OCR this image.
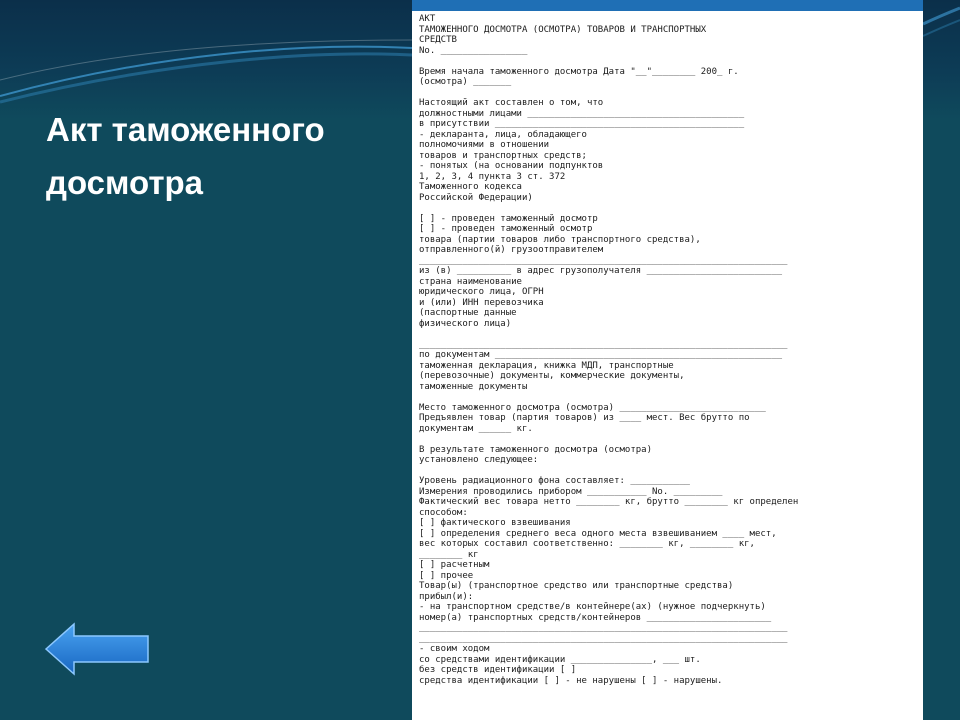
Акт таможенного досмотра
АКТ
ТАМОЖЕННОГО ДОСМОТРА (ОСМОТРА) ТОВАРОВ И ТРАНСПОРТНЫХ
СРЕДСТВ
No. ________________
Время начала таможенного досмотра Дата "__"________ 200_ г.
(осмотра) _______
Настоящий акт составлен о том, что
должностными лицами ________________________________________
в присутствии ______________________________________________
- декларанта, лица, обладающего
полномочиями в отношении
товаров и транспортных средств;
- понятых (на основании подпунктов
1, 2, 3, 4 пункта 3 ст. 372
Таможенного кодекса
Российской Федерации)
[ ] - проведен таможенный досмотр
[ ] - проведен таможенный осмотр
товара (партии товаров либо транспортного средства),
отправленного(й) грузоотправителем
____________________________________________________________________
из (в) __________ в адрес грузополучателя _________________________
страна наименование
юридического лица, ОГРН
и (или) ИНН перевозчика
(паспортные данные
физического лица)
____________________________________________________________________
по документам _____________________________________________________
таможенная декларация, книжка МДП, транспортные
(перевозочные) документы, коммерческие документы,
таможенные документы
Место таможенного досмотра (осмотра) ___________________________
Предъявлен товар (партия товаров) из ____ мест. Вес брутто по
документам ______ кг.
В результате таможенного досмотра (осмотра)
установлено следующее:
Уровень радиационного фона составляет: ___________
Измерения проводились прибором ___________ No. _________
Фактический вес товара нетто ________ кг, брутто ________ кг определен
способом:
[ ] фактического взвешивания
[ ] определения среднего веса одного места взвешиванием ____ мест,
вес которых составил соответственно: ________ кг, ________ кг,
________ кг
[ ] расчетным
[ ] прочее
Товар(ы) (транспортное средство или транспортные средства)
прибыл(и):
- на транспортном средстве/в контейнере(ах) (нужное подчеркнуть)
номер(а) транспортных средств/контейнеров _______________________
____________________________________________________________________
____________________________________________________________________
- своим ходом
со средствами идентификации _______________, ___ шт.
без средств идентификации [ ]
средства идентификации [ ] - не нарушены [ ] - нарушены.
